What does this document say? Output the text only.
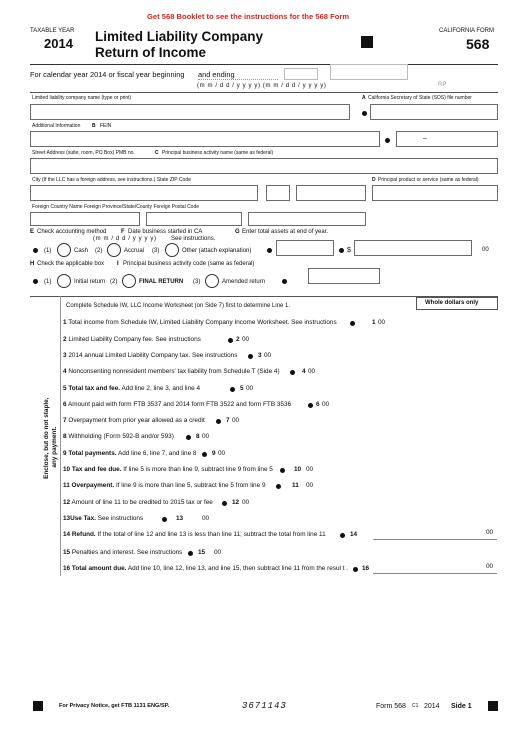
Get 568 Booklet to see the instructions for the 568 Form
TAXABLE YEAR
2014 Limited Liability Company
Return of Income
CALIFORNIA FORM
568
For calendar year 2014 or fiscal year beginning and ending
(m m / d d / y y y y) (m m / d d / y y y y)	RP
Limited liability company name (type or print)	A California Secretary of State (SOS) file number
Additional Information B FEIN
–
Street Address (suite, room, PO Box) PMB no.	C Principal business activity name (same as federal)
City (If the LLC has a foreign address, see instructions.) State ZIP Code	D Principal product or service (same as federal)
Foreign Country Name Foreign Province/State/County Foreign Postal Code
E Check accounting method F Date business started in CA	G Enter total assets at end of year.
(m m / d d / y y y y) See instructions.
(1)	Cash (2)	Accrual (3)	Other (attach explanation)	$	00
H Check the applicable box I Principal business activity code (same as federal)
(1)	Initial return (2)	FINAL RETURN (3)	Amended return
Enclose, but do not staple, any payment.
Complete Schedule IW, LLC Income Worksheet (on Side 7) first to determine Line 1.	Whole dollars only
1 Total income from Schedule IW, Limited Liability Company Income Worksheet. See instructions	1 00
2 Limited Liability Company fee. See instructions	2 00
3 2014 annual Limited Liability Company tax. See instructions	3 00
4 Nonconsenting nonresident members' tax liability from Schedule T (Side 4)	4 00
5 Total tax and fee. Add line 2, line 3, and line 4	5 00
6 Amount paid with form FTB 3537 and 2014 form FTB 3522 and form FTB 3536	6 00
7 Overpayment from prior year allowed as a credit	7 00
8 Withholding (Form 592-B and/or 593)	8 00
9 Total payments. Add line 6, line 7, and line 8 9 00
10 Tax and fee due. If line 5 is more than line 9, subtract line 9 from line 5	10 00
11 Overpayment. If line 9 is more than line 5, subtract line 5 from line 9	11 00
12 Amount of line 11 to be credited to 2015 tax or fee	12 00
13Use Tax. See instructions	13	00
14 Refund. If the total of line 12 and line 13 is less than line 11; subtract the total from line 11	14	00
15 Penalties and interest. See instructions 15 00
16 Total amount due. Add line 10, line 12, line 13, and line 15, then subtract line 11 from the resul t . 16	00
For Privacy Notice, get FTB 1131 ENG/SP.	3671143	Form 568 C1 2014 Side 1
